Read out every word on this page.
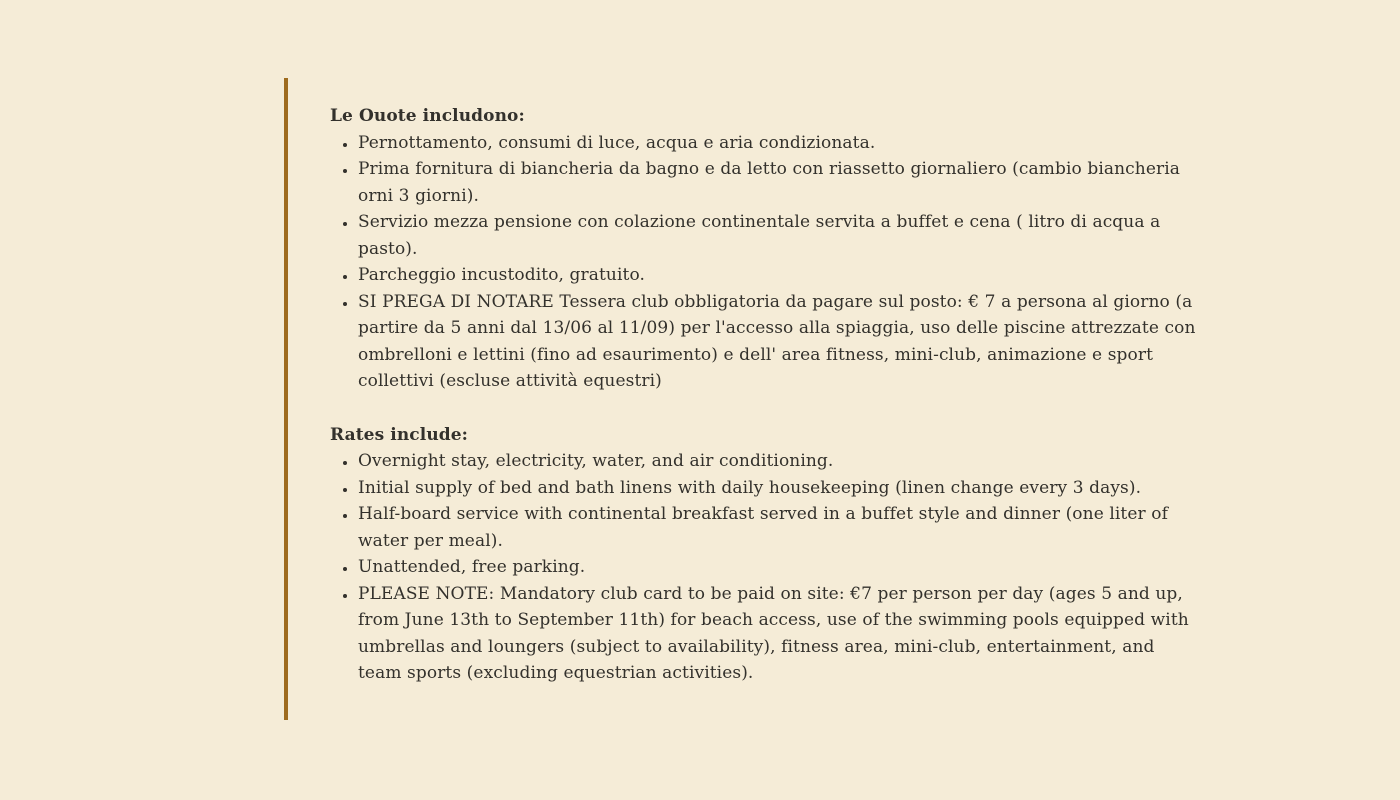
Le Ouote includono:
• Pernottamento, consumi di luce, acqua e aria condizionata.
• Prima fornitura di biancheria da bagno e da letto con riassetto giornaliero (cambio biancheria orni 3 giorni).
• Servizio mezza pensione con colazione continentale servita a buffet e cena ( litro di acqua a pasto).
• Parcheggio incustodito, gratuito.
• SI PREGA DI NOTARE Tessera club obbligatoria da pagare sul posto: € 7 a persona al giorno (a partire da 5 anni dal 13/06 al 11/09) per l'accesso alla spiaggia, uso delle piscine attrezzate con ombrelloni e lettini (fino ad esaurimento) e dell' area fitness, mini-club, animazione e sport collettivi (escluse attività equestri)
Rates include:
• Overnight stay, electricity, water, and air conditioning.
• Initial supply of bed and bath linens with daily housekeeping (linen change every 3 days).
• Half-board service with continental breakfast served in a buffet style and dinner (one liter of water per meal).
• Unattended, free parking.
• PLEASE NOTE: Mandatory club card to be paid on site: €7 per person per day (ages 5 and up, from June 13th to September 11th) for beach access, use of the swimming pools equipped with umbrellas and loungers (subject to availability), fitness area, mini-club, entertainment, and team sports (excluding equestrian activities).
